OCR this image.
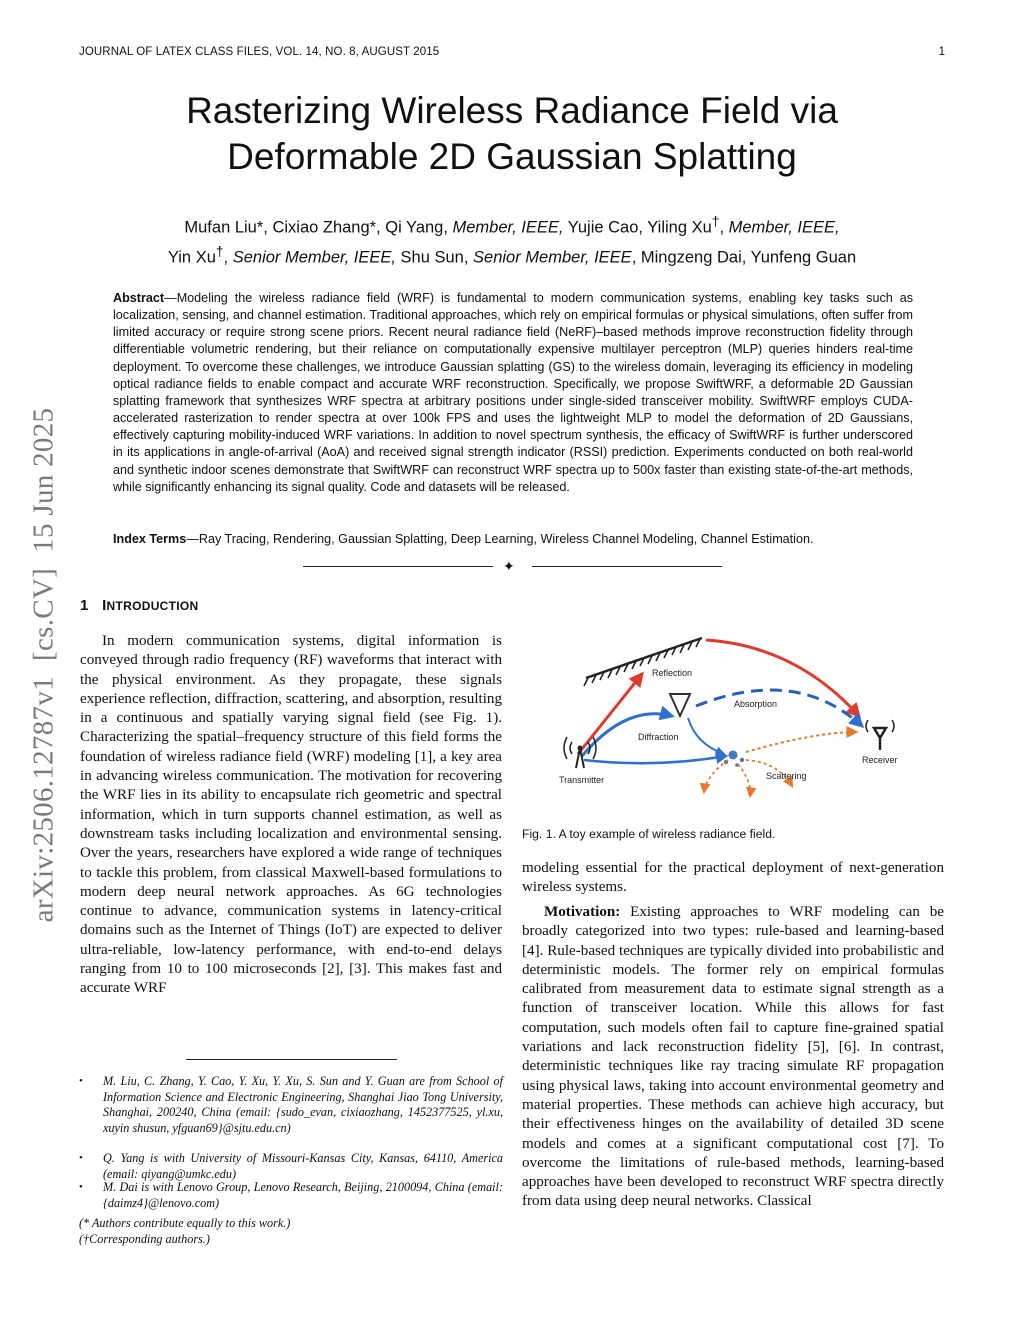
JOURNAL OF LATEX CLASS FILES, VOL. 14, NO. 8, AUGUST 2015	1
arXiv:2506.12787v1  [cs.CV]  15 Jun 2025
Rasterizing Wireless Radiance Field via
Deformable 2D Gaussian Splatting
Mufan Liu*, Cixiao Zhang*, Qi Yang, Member, IEEE, Yujie Cao, Yiling Xu†, Member, IEEE,
Yin Xu†, Senior Member, IEEE, Shu Sun, Senior Member, IEEE, Mingzeng Dai, Yunfeng Guan
Abstract—Modeling the wireless radiance field (WRF) is fundamental to modern communication systems, enabling key tasks such as localization, sensing, and channel estimation. Traditional approaches, which rely on empirical formulas or physical simulations, often suffer from limited accuracy or require strong scene priors. Recent neural radiance field (NeRF)–based methods improve reconstruction fidelity through differentiable volumetric rendering, but their reliance on computationally expensive multilayer perceptron (MLP) queries hinders real-time deployment. To overcome these challenges, we introduce Gaussian splatting (GS) to the wireless domain, leveraging its efficiency in modeling optical radiance fields to enable compact and accurate WRF reconstruction. Specifically, we propose SwiftWRF, a deformable 2D Gaussian splatting framework that synthesizes WRF spectra at arbitrary positions under single-sided transceiver mobility. SwiftWRF employs CUDA-accelerated rasterization to render spectra at over 100k FPS and uses the lightweight MLP to model the deformation of 2D Gaussians, effectively capturing mobility-induced WRF variations. In addition to novel spectrum synthesis, the efficacy of SwiftWRF is further underscored in its applications in angle-of-arrival (AoA) and received signal strength indicator (RSSI) prediction. Experiments conducted on both real-world and synthetic indoor scenes demonstrate that SwiftWRF can reconstruct WRF spectra up to 500x faster than existing state-of-the-art methods, while significantly enhancing its signal quality. Code and datasets will be released.
Index Terms—Ray Tracing, Rendering, Gaussian Splatting, Deep Learning, Wireless Channel Modeling, Channel Estimation.
✦
1 INTRODUCTION
In modern communication systems, digital information is conveyed through radio frequency (RF) waveforms that interact with the physical environment. As they propagate, these signals experience reflection, diffraction, scattering, and absorption, resulting in a continuous and spatially varying signal field (see Fig. 1). Characterizing the spatial–frequency structure of this field forms the foundation of wireless radiance field (WRF) modeling [1], a key area in advancing wireless communication. The motivation for recovering the WRF lies in its ability to encapsulate rich geometric and spectral information, which in turn supports channel estimation, as well as downstream tasks including localization and environmental sensing. Over the years, researchers have explored a wide range of techniques to tackle this problem, from classical Maxwell-based formulations to modern deep neural network approaches. As 6G technologies continue to advance, communication systems in latency-critical domains such as the Internet of Things (IoT) are expected to deliver ultra-reliable, low-latency performance, with end-to-end delays ranging from 10 to 100 microseconds [2], [3]. This makes fast and accurate WRF
• M. Liu, C. Zhang, Y. Cao, Y. Xu, Y. Xu, S. Sun and Y. Guan are from School of Information Science and Electronic Engineering, Shanghai Jiao Tong University, Shanghai, 200240, China (email: {sudo_evan, cixiaozhang, 1452377525, yl.xu, xuyin shusun, yfguan69}@sjtu.edu.cn)
• Q. Yang is with University of Missouri-Kansas City, Kansas, 64110, America (email: qiyang@umkc.edu)
• M. Dai is with Lenovo Group, Lenovo Research, Beijing, 2100094, China (email: {daimz4}@lenovo.com)
(* Authors contribute equally to this work.)
(†Corresponding authors.)
Reflection
Absorption
Diffraction
Transmitter	Scattering
Receiver
Fig. 1. A toy example of wireless radiance field.
modeling essential for the practical deployment of next-generation wireless systems.
Motivation: Existing approaches to WRF modeling can be broadly categorized into two types: rule-based and learning-based [4]. Rule-based techniques are typically divided into probabilistic and deterministic models. The former rely on empirical formulas calibrated from measurement data to estimate signal strength as a function of transceiver location. While this allows for fast computation, such models often fail to capture fine-grained spatial variations and lack reconstruction fidelity [5], [6]. In contrast, deterministic techniques like ray tracing simulate RF propagation using physical laws, taking into account environmental geometry and material properties. These methods can achieve high accuracy, but their effectiveness hinges on the availability of detailed 3D scene models and comes at a significant computational cost [7]. To overcome the limitations of rule-based methods, learning-based approaches have been developed to reconstruct WRF spectra directly from data using deep neural networks. Classical
